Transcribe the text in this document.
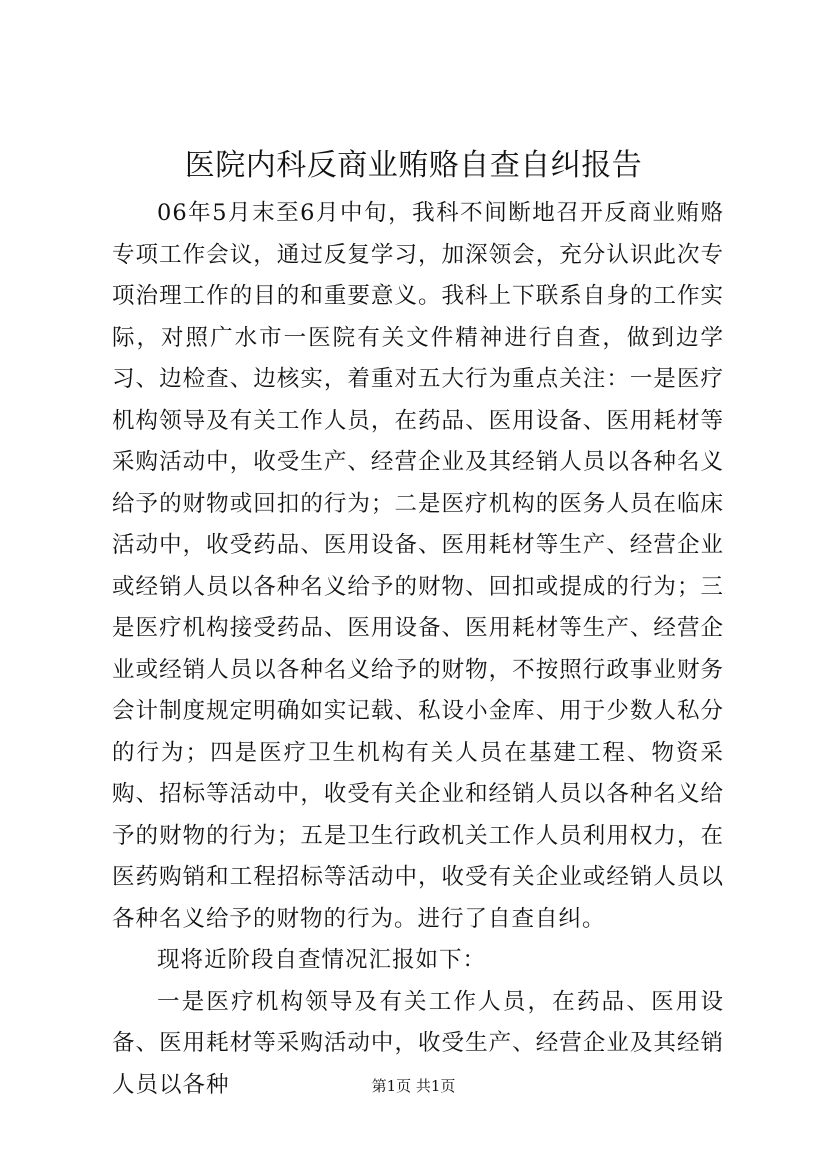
医院内科反商业贿赂自查自纠报告

06年5月末至6月中旬，我科不间断地召开反商业贿赂专项工作会议，通过反复学习，加深领会，充分认识此次专项治理工作的目的和重要意义。我科上下联系自身的工作实际，对照广水市一医院有关文件精神进行自查，做到边学习、边检查、边核实，着重对五大行为重点关注：一是医疗机构领导及有关工作人员，在药品、医用设备、医用耗材等采购活动中，收受生产、经营企业及其经销人员以各种名义给予的财物或回扣的行为；二是医疗机构的医务人员在临床活动中，收受药品、医用设备、医用耗材等生产、经营企业或经销人员以各种名义给予的财物、回扣或提成的行为；三是医疗机构接受药品、医用设备、医用耗材等生产、经营企业或经销人员以各种名义给予的财物，不按照行政事业财务会计制度规定明确如实记载、私设小金库、用于少数人私分的行为；四是医疗卫生机构有关人员在基建工程、物资采购、招标等活动中，收受有关企业和经销人员以各种名义给予的财物的行为；五是卫生行政机关工作人员利用权力，在医药购销和工程招标等活动中，收受有关企业或经销人员以各种名义给予的财物的行为。进行了自查自纠。

现将近阶段自查情况汇报如下：

一是医疗机构领导及有关工作人员，在药品、医用设备、医用耗材等采购活动中，收受生产、经营企业及其经销人员以各种	第1页 共1页
